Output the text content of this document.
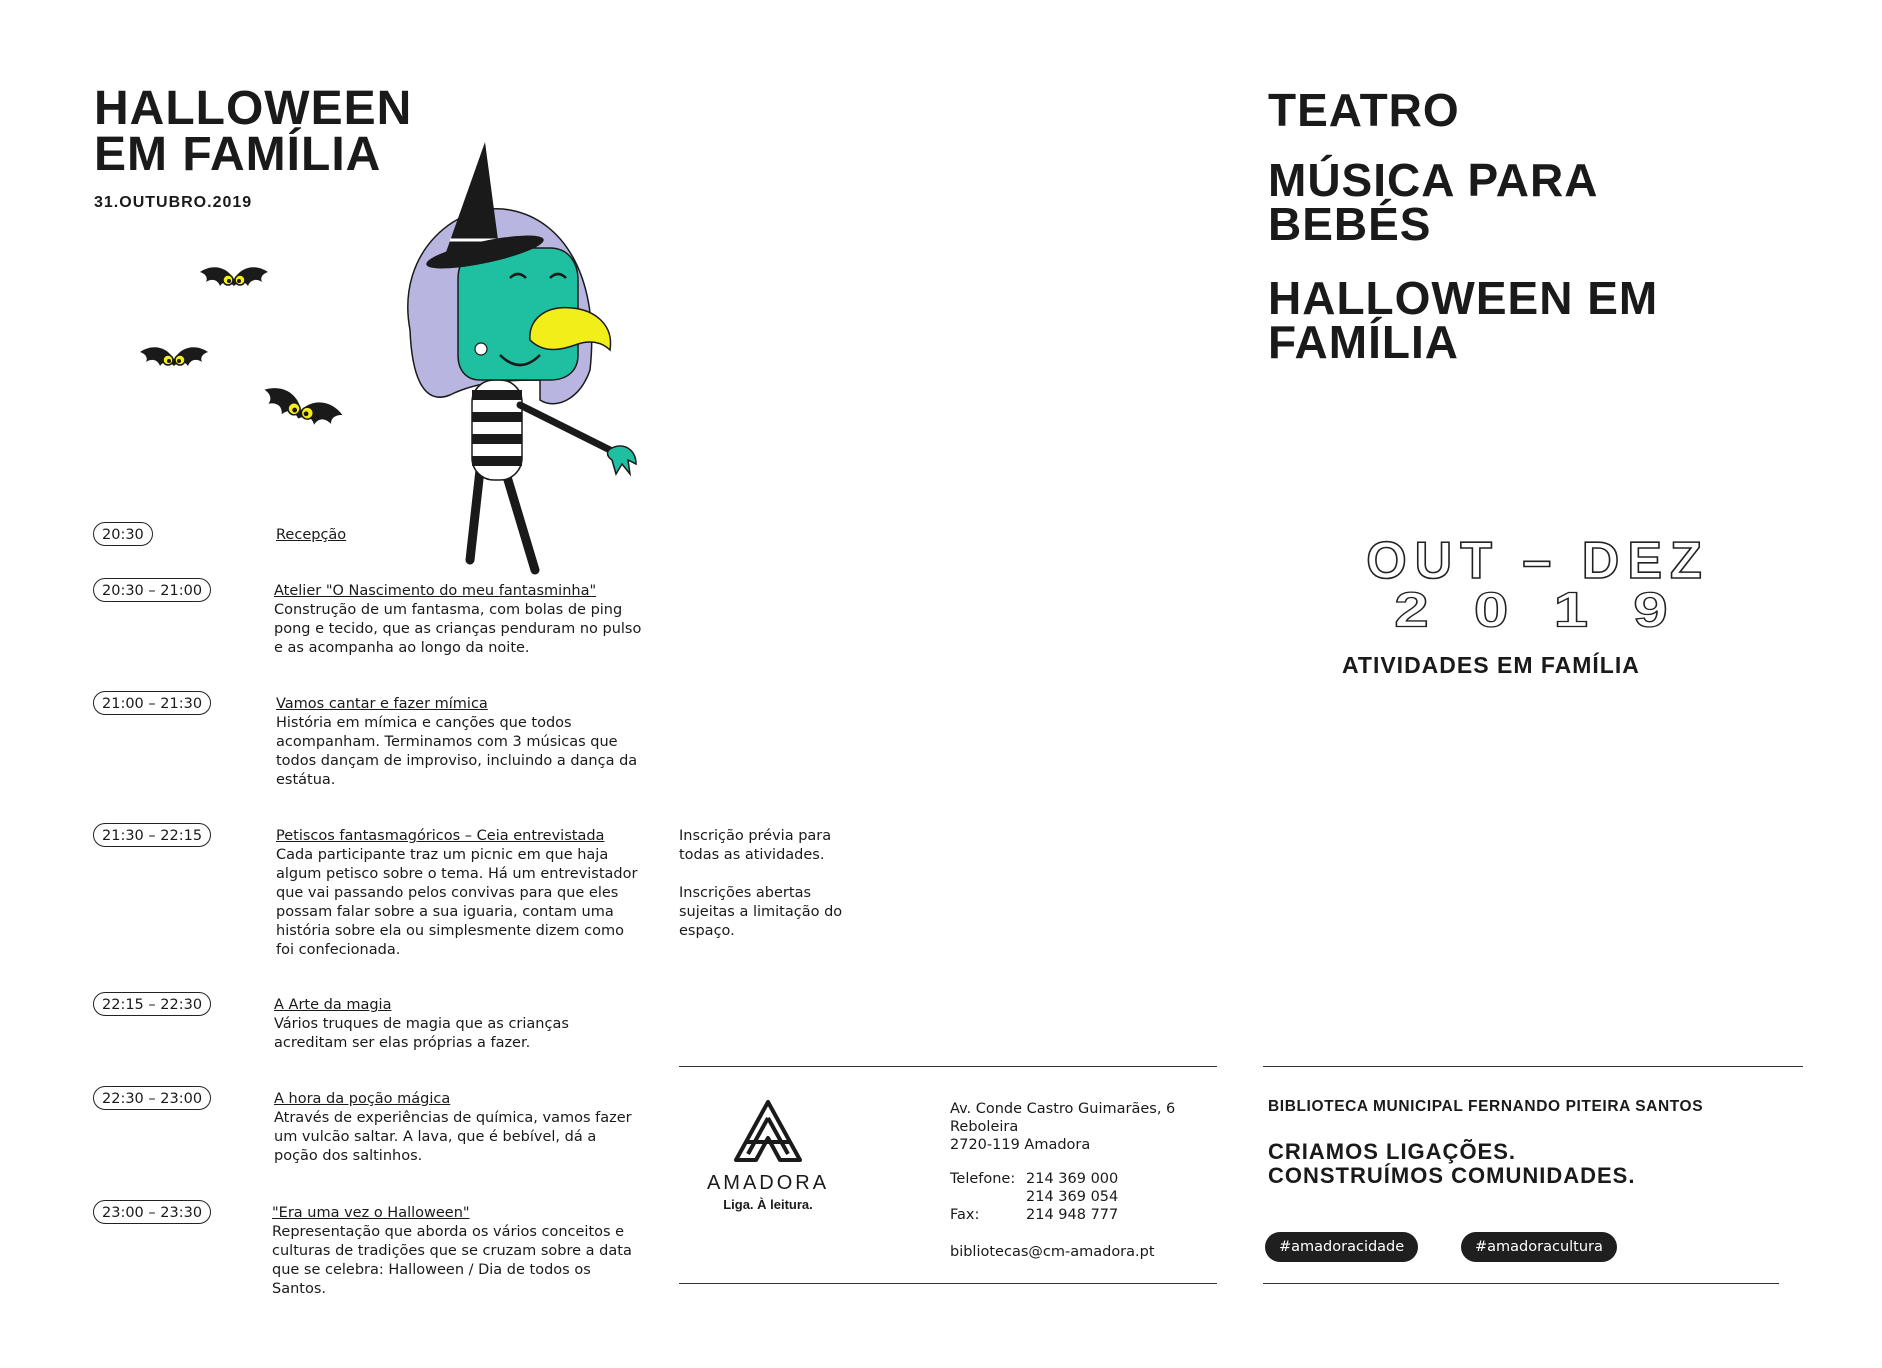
HALLOWEEN
EM FAMÍLIA
31.OUTUBRO.2019
20:30	Recepção
20:30 – 21:00	Atelier "O Nascimento do meu fantasminha"
Construção de um fantasma, com bolas de ping pong e tecido, que as crianças penduram no pulso e as acompanha ao longo da noite.
21:00 – 21:30	Vamos cantar e fazer mímica
História em mímica e canções que todos acompanham. Terminamos com 3 músicas que todos dançam de improviso, incluindo a dança da estátua.
21:30 – 22:15	Petiscos fantasmagóricos – Ceia entrevistada
Cada participante traz um picnic em que haja algum petisco sobre o tema. Há um entrevistador que vai passando pelos convivas para que eles possam falar sobre a sua iguaria, contam uma história sobre ela ou simplesmente dizem como foi confecionada.
22:15 – 22:30	A Arte da magia
Vários truques de magia que as crianças acreditam ser elas próprias a fazer.
22:30 – 23:00	A hora da poção mágica
Através de experiências de química, vamos fazer um vulcão saltar. A lava, que é bebível, dá a poção dos saltinhos.
23:00 – 23:30	"Era uma vez o Halloween"
Representação que aborda os vários conceitos e culturas de tradições que se cruzam sobre a data que se celebra: Halloween / Dia de todos os Santos.
Inscrição prévia para todas as atividades.
Inscrições abertas sujeitas a limitação do espaço.
AMADORA
Liga. À leitura.
Av. Conde Castro Guimarães, 6
Reboleira
2720-119 Amadora
Telefone: 214 369 000
214 369 054
Fax:	214 948 777
bibliotecas@cm-amadora.pt
TEATRO
MÚSICA PARA
BEBÉS
HALLOWEEN EM
FAMÍLIA
OUT – DEZ
2 0 1 9
ATIVIDADES EM FAMÍLIA
BIBLIOTECA MUNICIPAL FERNANDO PITEIRA SANTOS
CRIAMOS LIGAÇÕES.
CONSTRUÍMOS COMUNIDADES.
#amadoracidade	#amadoracultura
